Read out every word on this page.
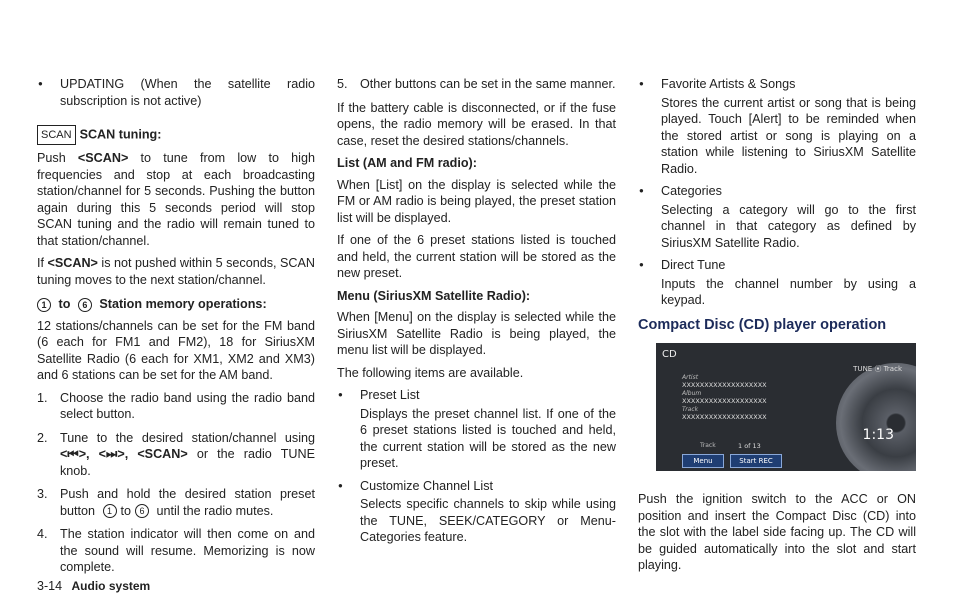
● UPDATING (When the satellite radio subscription is not active)

SCAN SCAN tuning:

Push <SCAN> to tune from low to high frequencies and stop at each broadcasting station/channel for 5 seconds. Pushing the button again during this 5 seconds period will stop SCAN tuning and the radio will remain tuned to that station/channel.

If <SCAN> is not pushed within 5 seconds, SCAN tuning moves to the next station/channel.

1 to 6 Station memory operations:

12 stations/channels can be set for the FM band (6 each for FM1 and FM2), 18 for SiriusXM Satellite Radio (6 each for XM1, XM2 and XM3) and 6 stations can be set for the AM band.

1. Choose the radio band using the radio band select button.
2. Tune to the desired station/channel using <⏮>, <⏭>, <SCAN> or the radio TUNE knob.
3. Push and hold the desired station preset button 1 to 6 until the radio mutes.
4. The station indicator will then come on and the sound will resume. Memorizing is now complete.
5. Other buttons can be set in the same manner.

If the battery cable is disconnected, or if the fuse opens, the radio memory will be erased. In that case, reset the desired stations/channels.

List (AM and FM radio):

When [List] on the display is selected while the FM or AM radio is being played, the preset station list will be displayed.

If one of the 6 preset stations listed is touched and held, the current station will be stored as the new preset.

Menu (SiriusXM Satellite Radio):

When [Menu] on the display is selected while the SiriusXM Satellite Radio is being played, the menu list will be displayed.

The following items are available.

● Preset List

Displays the preset channel list. If one of the 6 preset stations listed is touched and held, the current station will be stored as the new preset.

● Customize Channel List

Selects specific channels to skip while using the TUNE, SEEK/CATEGORY or Menu-Categories feature.

● Favorite Artists & Songs

Stores the current artist or song that is being played. Touch [Alert] to be reminded when the stored artist or song is playing on a station while listening to SiriusXM Satellite Radio.

● Categories

Selecting a category will go to the first channel in that category as defined by SiriusXM Satellite Radio.

● Direct Tune

Inputs the channel number by using a keypad.

Compact Disc (CD) player operation
CD
TUNE ⦿ Track
Artist
XXXXXXXXXXXXXXXXXXX
Album
XXXXXXXXXXXXXXXXXXX
Track
XXXXXXXXXXXXXXXXXXX
Track	1 of 13
1:13
Menu	Start REC

Push the ignition switch to the ACC or ON position and insert the Compact Disc (CD) into the slot with the label side facing up. The CD will be guided automatically into the slot and start playing.

3-14 Audio system
